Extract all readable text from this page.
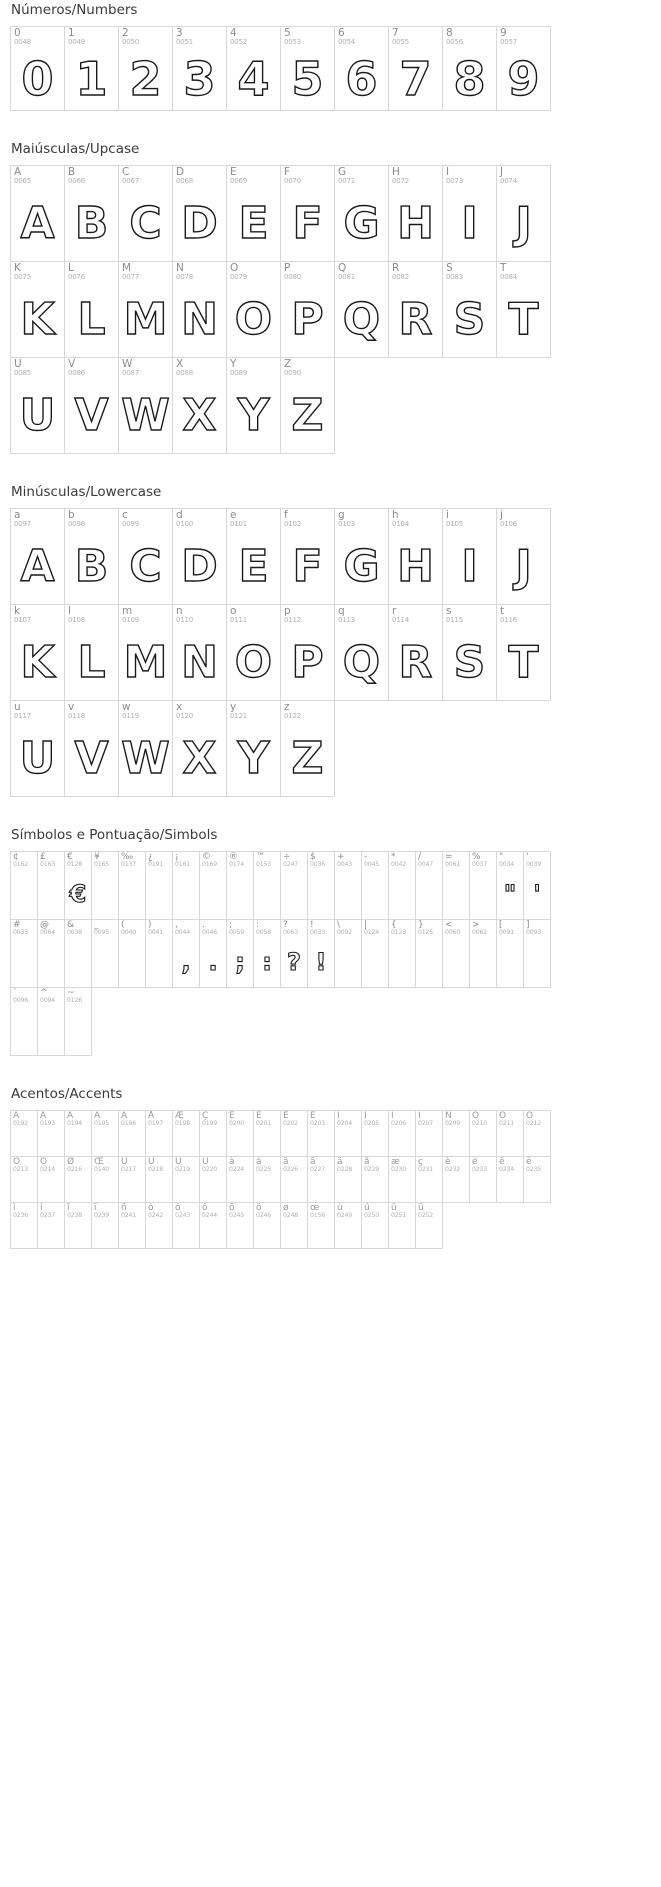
Números/Numbers
0
0048
0
1
0049
1
2
0050
2
3
0051
3
4
0052
4
5
0053
5
6
0054
6
7
0055
7
8
0056
8
9
0057
9
Maiúsculas/Upcase
A
0065
A
B
0066
B
C
0067
C
D
0068
D
E
0069
E
F
0070
F
G
0071
G
H
0072
H
I
0073
I
J
0074
J
K
0075
K
L
0076
L
M
0077
M
N
0078
N
O
0079
O
P
0080
P
Q
0081
Q
R
0082
R
S
0083
S
T
0084
T
U
0085
U
V
0086
V
W
0087
W
X
0088
X
Y
0089
Y
Z
0090
Z
Minúsculas/Lowercase
a
0097
A
b
0098
B
c
0099
C
d
0100
D
e
0101
E
f
0102
F
g
0103
G
h
0104
H
i
0105
I
j
0106
J
k
0107
K
l
0108
L
m
0109
M
n
0110
N
o
0111
O
p
0112
P
q
0113
Q
r
0114
R
s
0115
S
t
0116
T
u
0117
U
v
0118
V
w
0119
W
x
0120
X
y
0121
Y
z
0122
Z
Símbolos e Pontuação/Simbols
¢
0162
£
0163
€
0128
€
¥
0165
‰
0137
¿
0191
¡
0161
©
0169
®
0174
™
0153
÷
0247
$
0036
+
0043
-
0045
*
0042
/
0047
=
0061
%
0037
"
0034
"
'
0039
'
#
0035
@
0064
&
0038
_
0095
(
0040
)
0041
,
0044
,
.
0046
.
;
0059
;
:
0058
:
?
0063
?
!
0033
!
\
0092
|
0124
{
0123
}
0125
<
0060
>
0062
[
0091
]
0093
`
0096
^
0094
~
0126
Acentos/Accents
À
0192
Á
0193
Â
0194
Ã
0195
Ä
0196
Å
0197
Æ
0198
Ç
0199
È
0200
É
0201
Ê
0202
Ë
0203
Ì
0204
Í
0205
Î
0206
Ï
0207
Ñ
0209
Ò
0210
Ó
0211
Ô
0212
Õ
0213
Ö
0214
Ø
0216
Œ
0140
Ù
0217
Ú
0218
Û
0219
Ü
0220
à
0224
á
0225
â
0226
ã
0227
ä
0228
å
0229
æ
0230
ç
0231
è
0232
é
0233
ê
0234
ë
0235
ì
0236
í
0237
î
0238
ï
0239
ñ
0241
ò
0242
ó
0243
ô
0244
õ
0245
ö
0246
ø
0248
œ
0156
ù
0249
ú
0250
û
0251
ü
0252
